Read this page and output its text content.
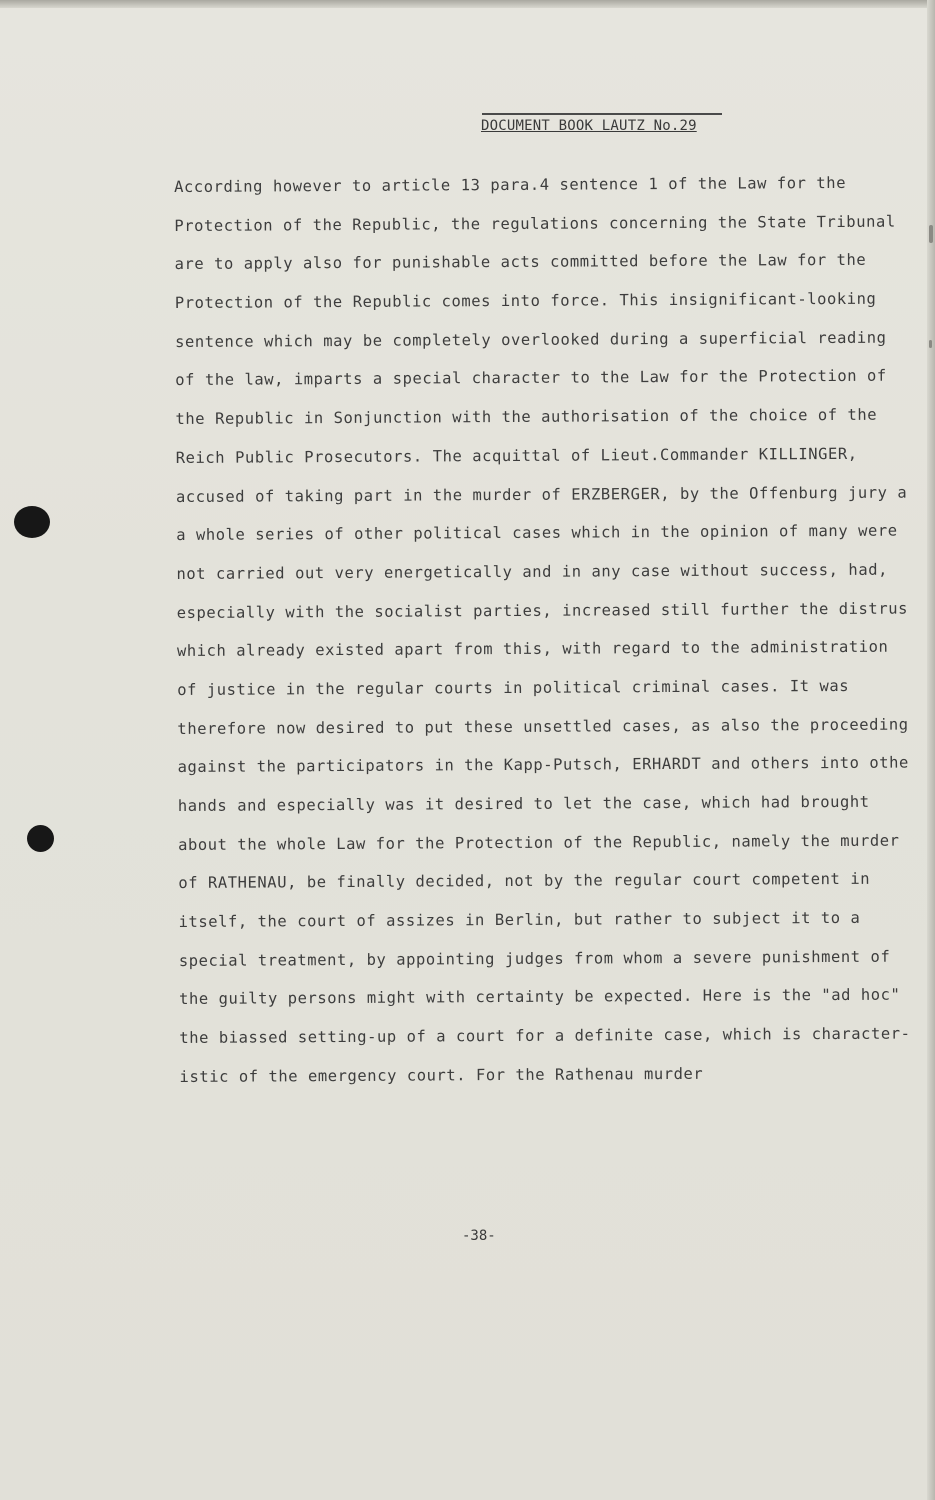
DOCUMENT BOOK LAUTZ No.29
According however to article 13 para.4 sentence 1 of the Law for the
Protection of the Republic, the regulations concerning the State Tribunal
are to apply also for punishable acts committed before the Law for the
Protection of the Republic comes into force. This insignificant-looking
sentence which may be completely overlooked during a superficial reading
of the law, imparts a special character to the Law for the Protection of
the Republic in Sonjunction with the authorisation of the choice of the
Reich Public Prosecutors. The acquittal of Lieut.Commander KILLINGER,
accused of taking part in the murder of ERZBERGER, by the Offenburg jury a
a whole series of other political cases which in the opinion of many were
not carried out very energetically and in any case without success, had,
especially with the socialist parties, increased still further the distrus
which already existed apart from this, with regard to the administration
of justice in the regular courts in political criminal cases. It was
therefore now desired to put these unsettled cases, as also the proceeding
against the participators in the Kapp-Putsch, ERHARDT and others into othe
hands and especially was it desired to let the case, which had brought
about the whole Law for the Protection of the Republic, namely the murder
of RATHENAU, be finally decided, not by the regular court competent in
itself, the court of assizes in Berlin, but rather to subject it to a
special treatment, by appointing judges from whom a severe punishment of
the guilty persons might with certainty be expected. Here is the "ad hoc"
the biassed setting-up of a court for a definite case, which is character-
istic of the emergency court. For the Rathenau murder
-38-
